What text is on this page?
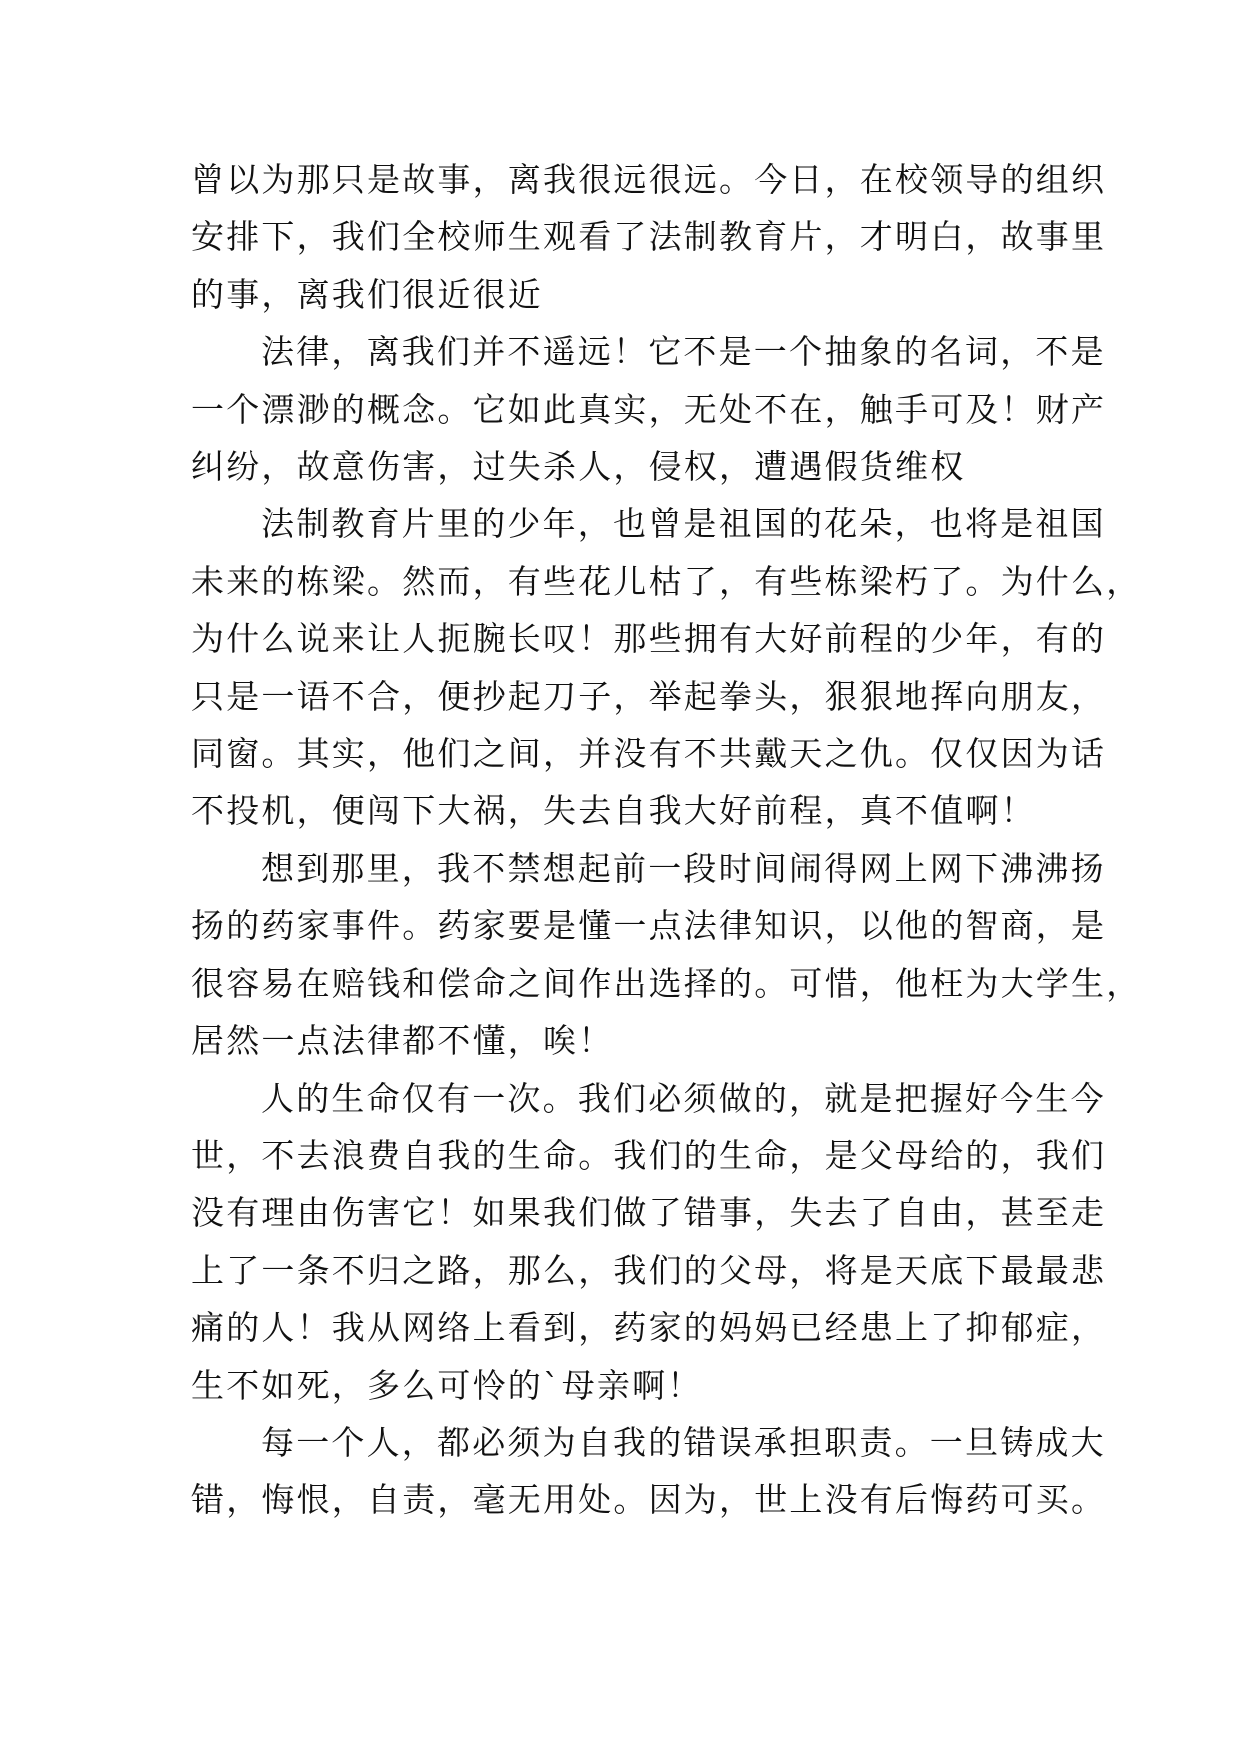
曾以为那只是故事，离我很远很远。今日，在校领导的组织
安排下，我们全校师生观看了法制教育片，才明白，故事里
的事，离我们很近很近

法律，离我们并不遥远！它不是一个抽象的名词，不是
一个漂渺的概念。它如此真实，无处不在，触手可及！财产
纠纷，故意伤害，过失杀人，侵权，遭遇假货维权

法制教育片里的少年，也曾是祖国的花朵，也将是祖国
未来的栋梁。然而，有些花儿枯了，有些栋梁朽了。为什么，
为什么说来让人扼腕长叹！那些拥有大好前程的少年，有的
只是一语不合，便抄起刀子，举起拳头，狠狠地挥向朋友，
同窗。其实，他们之间，并没有不共戴天之仇。仅仅因为话
不投机，便闯下大祸，失去自我大好前程，真不值啊！

想到那里，我不禁想起前一段时间闹得网上网下沸沸扬
扬的药家事件。药家要是懂一点法律知识，以他的智商，是
很容易在赔钱和偿命之间作出选择的。可惜，他枉为大学生，
居然一点法律都不懂，唉！

人的生命仅有一次。我们必须做的，就是把握好今生今
世，不去浪费自我的生命。我们的生命，是父母给的，我们
没有理由伤害它！如果我们做了错事，失去了自由，甚至走
上了一条不归之路，那么，我们的父母，将是天底下最最悲
痛的人！我从网络上看到，药家的妈妈已经患上了抑郁症，
生不如死，多么可怜的`母亲啊！

每一个人，都必须为自我的错误承担职责。一旦铸成大
错，悔恨，自责，毫无用处。因为，世上没有后悔药可买。
